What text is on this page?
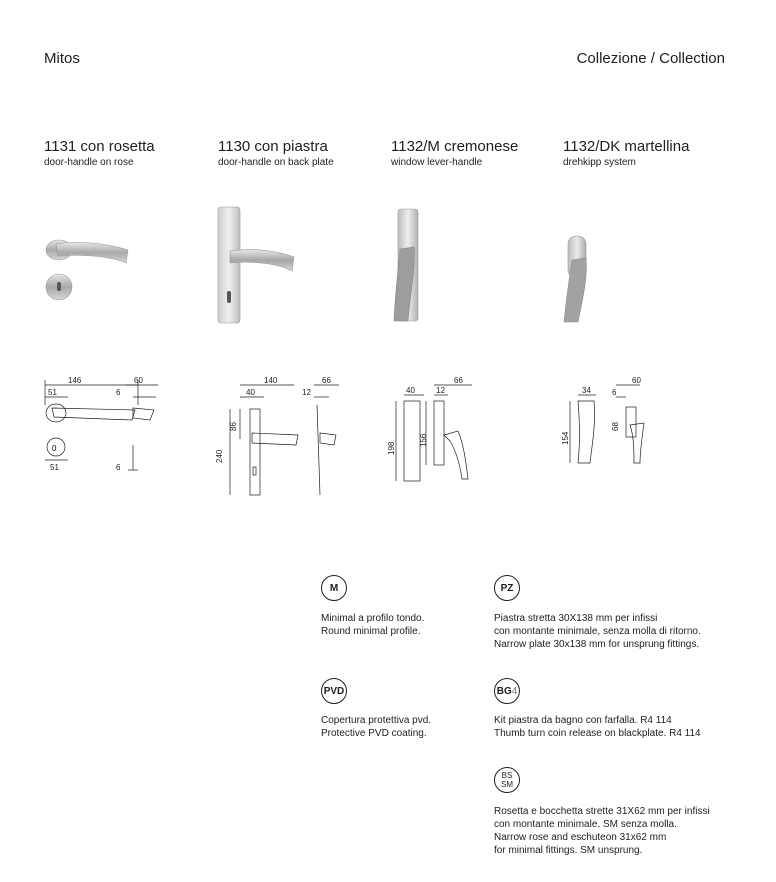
Mitos	Collezione / Collection
1131 con rosetta
door-handle on rose
1130 con piastra
door-handle on back plate
1132/M cremonese
window lever-handle
1132/DK martellina
drehkipp system
146
51
60
6
51	6
0
140
40
66
12
240
86
40
66
12
198
156
34
60
6
68
154
M
Minimal a profilo tondo.
Round minimal profile.
PZ
Piastra stretta 30X138 mm per infissi
con montante minimale, senza molla di ritorno.
Narrow plate 30x138 mm for unsprung fittings.
PVD
Copertura protettiva pvd.
Protective PVD coating.
BG 4
Kit piastra da bagno con farfalla. R4 114
Thumb turn coin release on blackplate. R4 114
BS
SM
Rosetta e bocchetta strette 31X62 mm per infissi
con montante minimale. SM senza molla.
Narrow rose and eschuteon 31x62 mm
for minimal fittings. SM unsprung.
